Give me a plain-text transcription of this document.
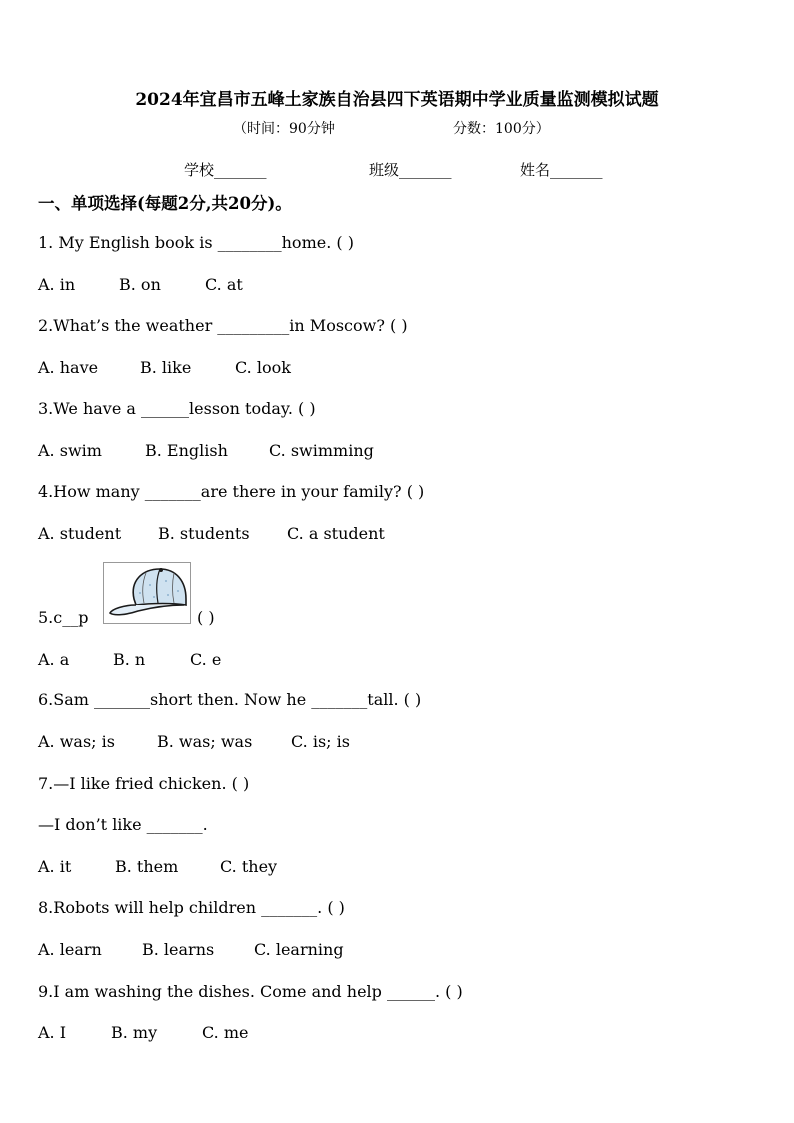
2024年宜昌市五峰土家族自治县四下英语期中学业质量监测模拟试题
（时间：90分钟	分数：100分）
学校_______	班级_______	姓名_______
一、单项选择(每题2分,共20分)。
1. My English book is ________home. ( )
A. in	B. on	C. at
2.What’s the weather _________in Moscow? ( )
A. have	B. like	C. look
3.We have a ______lesson today. ( )
A. swim	B. English	C. swimming
4.How many _______are there in your family? ( )
A. student B. students C. a student
5.c__p	( )
A. a	B. n	C. e
6.Sam _______short then. Now he _______tall. ( )
A. was; is	B. was; was C. is; is
7.—I like fried chicken. ( )
—I don’t like _______.
A. it	B. them	C. they
8.Robots will help children _______. ( )
A. learn	B. learns C. learning
9.I am washing the dishes. Come and help ______. ( )
A. I	B. my	C. me
